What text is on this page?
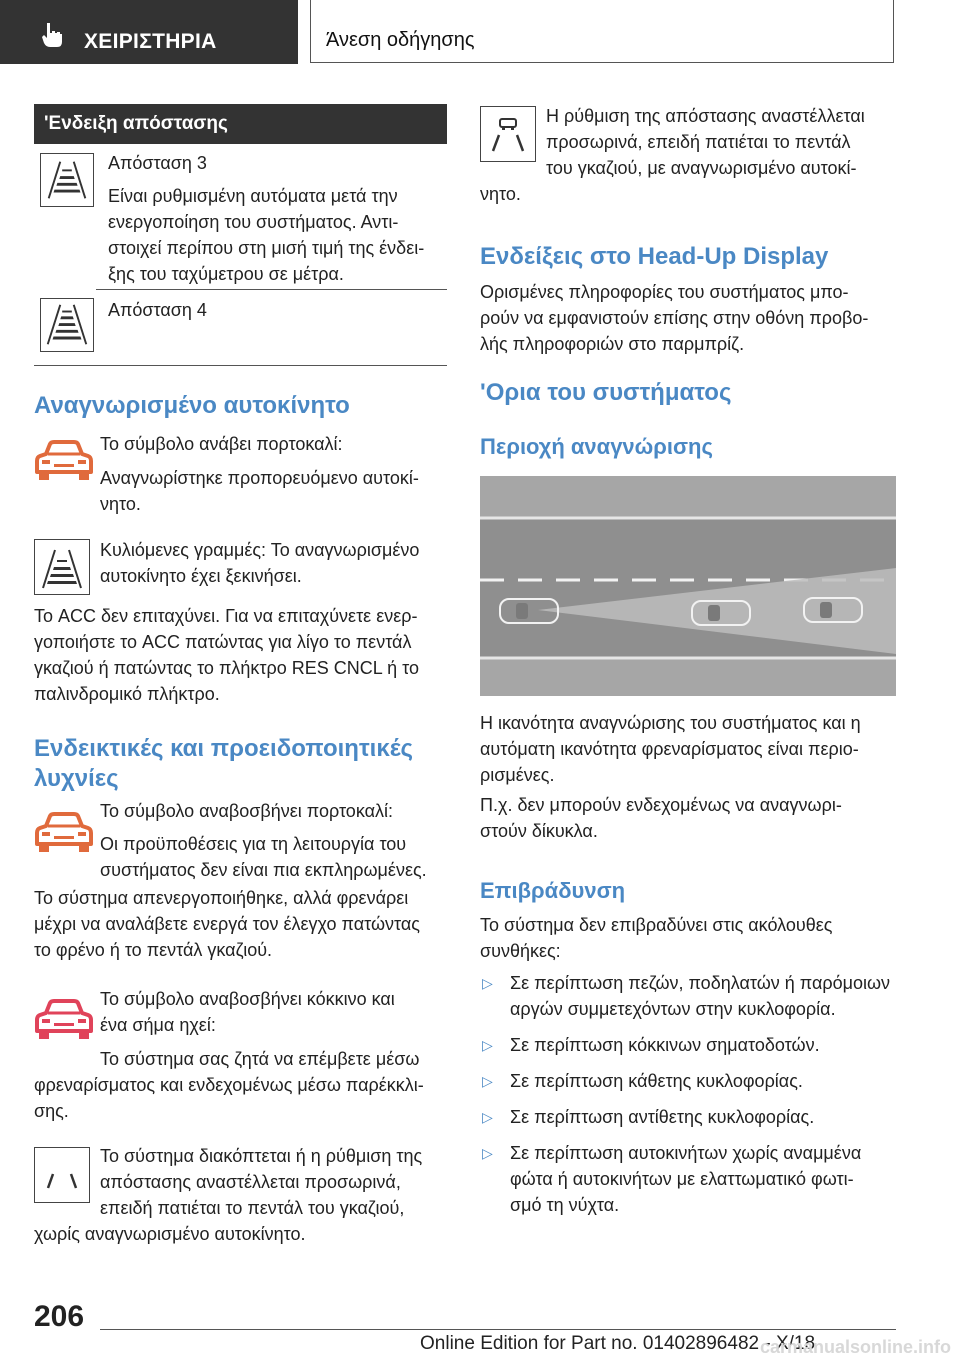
ΧΕΙΡΙΣΤΗΡΙΑ	Άνεση οδήγησης
'Ενδειξη απόστασης
Απόσταση 3

Είναι ρυθμισμένη αυτόματα μετά την

ενεργοποίηση του συστήματος. Αντι-

στοιχεί περίπου στη μισή τιμή της ένδει-

ξης του ταχύμετρου σε μέτρα.

Απόσταση 4
Αναγνωρισμένο αυτοκίνητο
Το σύμβολο ανάβει πορτοκαλί:

Αναγνωρίστηκε προπορευόμενο αυτοκί-

νητο.

Κυλιόμενες γραμμές: Το αναγνωρισμένο

αυτοκίνητο έχει ξεκινήσει.

Το ACC δεν επιταχύνει. Για να επιταχύνετε ενερ-

γοποιήστε το ACC πατώντας για λίγο το πεντάλ

γκαζιού ή πατώντας το πλήκτρο RES CNCL ή το

παλινδρομικό πλήκτρο.

Ενδεικτικές και προειδοποιητικές

λυχνίες

Το σύμβολο αναβοσβήνει πορτοκαλί:

Οι προϋποθέσεις για τη λειτουργία του

συστήματος δεν είναι πια εκπληρωμένες.

Το σύστημα απενεργοποιήθηκε, αλλά φρενάρει

μέχρι να αναλάβετε ενεργά τον έλεγχο πατώντας

το φρένο ή το πεντάλ γκαζιού.

Το σύμβολο αναβοσβήνει κόκκινο και

ένα σήμα ηχεί:

Το σύστημα σας ζητά να επέμβετε μέσω

φρεναρίσματος και ενδεχομένως μέσω παρέκκλι-

σης.

Το σύστημα διακόπτεται ή η ρύθμιση της

απόστασης αναστέλλεται προσωρινά,

επειδή πατιέται το πεντάλ του γκαζιού,

χωρίς αναγνωρισμένο αυτοκίνητο.

Η ρύθμιση της απόστασης αναστέλλεται

προσωρινά, επειδή πατιέται το πεντάλ

του γκαζιού, με αναγνωρισμένο αυτοκί-

νητο.

Ενδείξεις στο Head-Up Display

Ορισμένες πληροφορίες του συστήματος μπο-

ρούν να εμφανιστούν επίσης στην οθόνη προβο-

λής πληροφοριών στο παρμπρίζ.

'Ορια του συστήματος
Περιοχή αναγνώρισης

Η ικανότητα αναγνώρισης του συστήματος και η

αυτόματη ικανότητα φρεναρίσματος είναι περιο-

ρισμένες.

Π.χ. δεν μπορούν ενδεχομένως να αναγνωρι-

στούν δίκυκλα.

Επιβράδυνση

Το σύστημα δεν επιβραδύνει στις ακόλουθες

συνθήκες:

▷ Σε περίπτωση πεζών, ποδηλατών ή παρόμοιων

αργών συμμετεχόντων στην κυκλοφορία.

▷ Σε περίπτωση κόκκινων σηματοδοτών.

▷ Σε περίπτωση κάθετης κυκλοφορίας.

▷ Σε περίπτωση αντίθετης κυκλοφορίας.

▷ Σε περίπτωση αυτοκινήτων χωρίς αναμμένα

φώτα ή αυτοκινήτων με ελαττωματικό φωτι-

σμό τη νύχτα.

206
Online Edition for Part no. 01402896482 - X/18
carmanualsonline.info
